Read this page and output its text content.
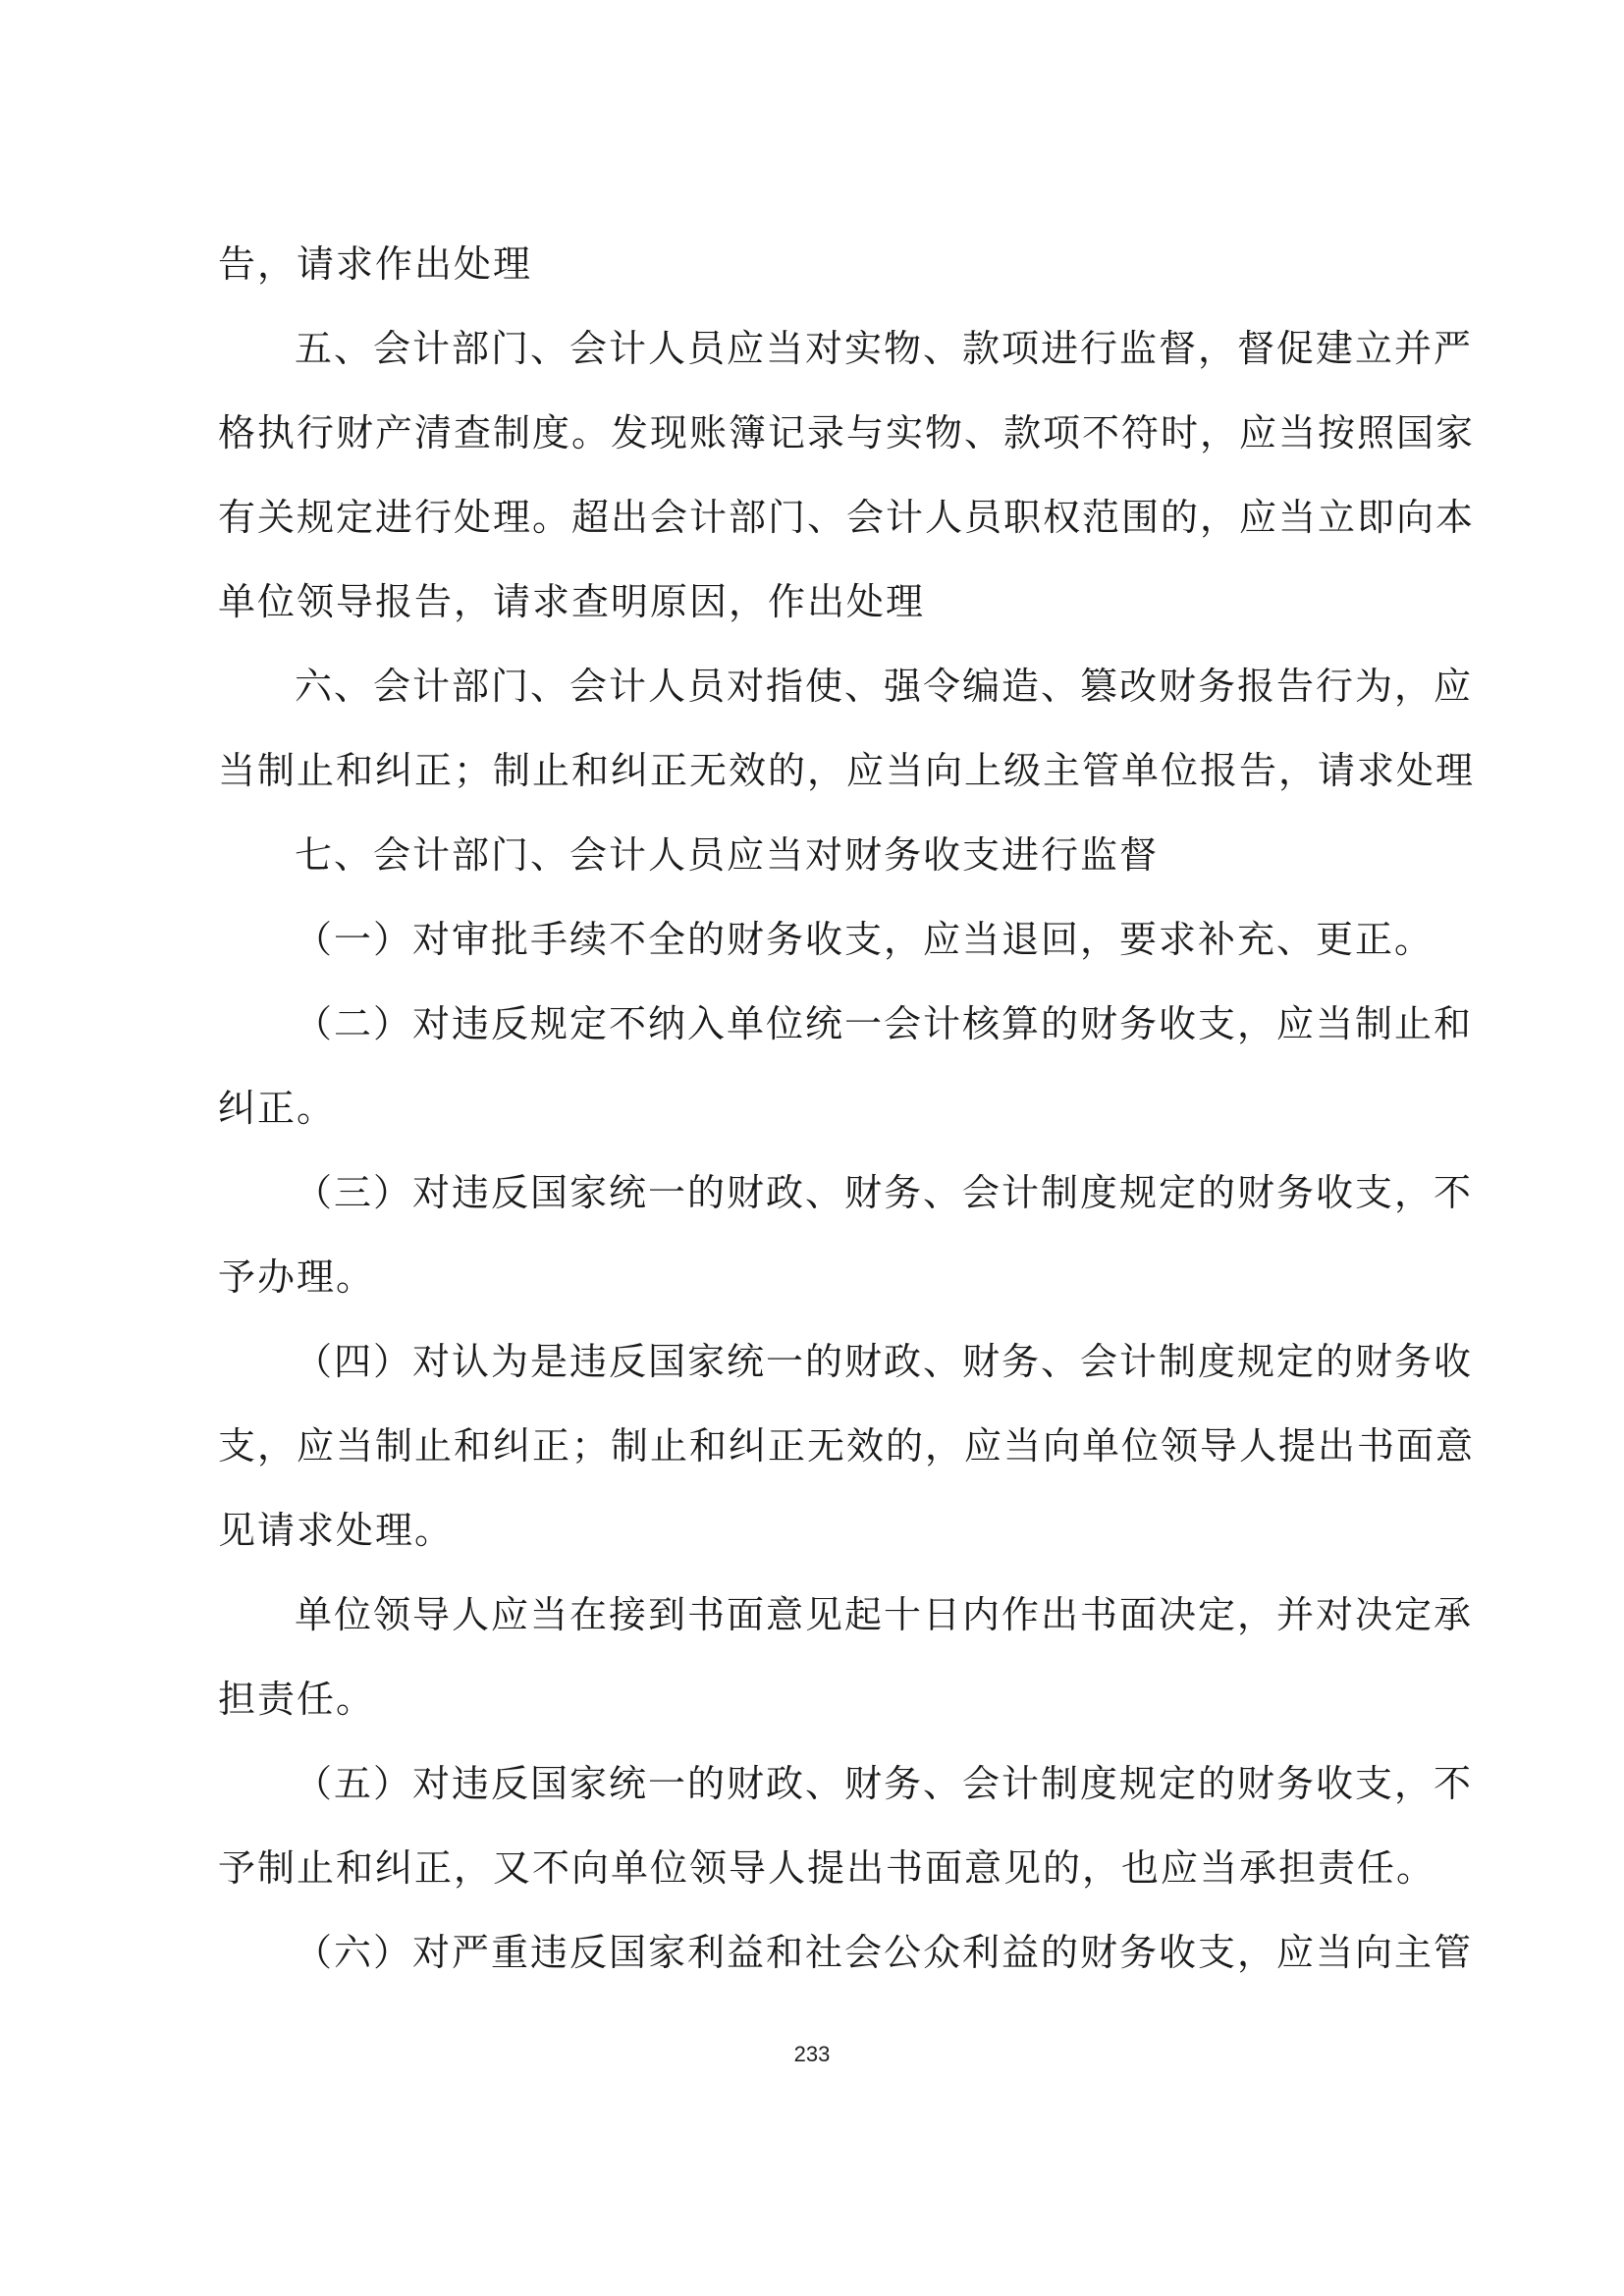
告，请求作出处理
五、会计部门、会计人员应当对实物、款项进行监督，督促建立并严
格执行财产清查制度。发现账簿记录与实物、款项不符时，应当按照国家
有关规定进行处理。超出会计部门、会计人员职权范围的，应当立即向本
单位领导报告，请求查明原因，作出处理
六、会计部门、会计人员对指使、强令编造、篡改财务报告行为，应
当制止和纠正；制止和纠正无效的，应当向上级主管单位报告，请求处理
七、会计部门、会计人员应当对财务收支进行监督
（一）对审批手续不全的财务收支，应当退回，要求补充、更正。
（二）对违反规定不纳入单位统一会计核算的财务收支，应当制止和
纠正。
（三）对违反国家统一的财政、财务、会计制度规定的财务收支，不
予办理。
（四）对认为是违反国家统一的财政、财务、会计制度规定的财务收
支，应当制止和纠正；制止和纠正无效的，应当向单位领导人提出书面意
见请求处理。
单位领导人应当在接到书面意见起十日内作出书面决定，并对决定承
担责任。
（五）对违反国家统一的财政、财务、会计制度规定的财务收支，不
予制止和纠正，又不向单位领导人提出书面意见的，也应当承担责任。
（六）对严重违反国家利益和社会公众利益的财务收支，应当向主管
233
